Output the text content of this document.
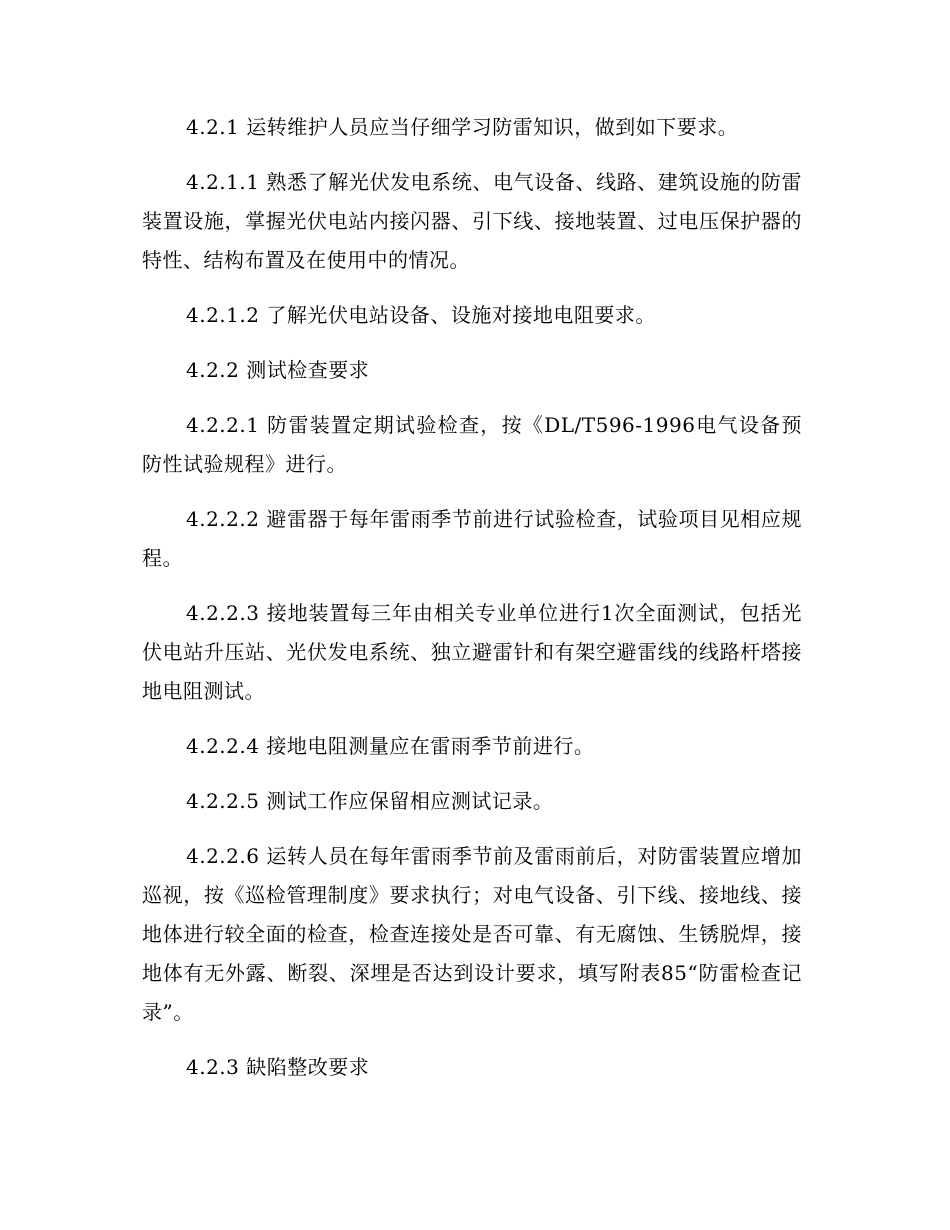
4.2.1 运转维护人员应当仔细学习防雷知识，做到如下要求。

4.2.1.1 熟悉了解光伏发电系统、电气设备、线路、建筑设施的防雷装置设施，掌握光伏电站内接闪器、引下线、接地装置、过电压保护器的特性、结构布置及在使用中的情况。

4.2.1.2 了解光伏电站设备、设施对接地电阻要求。

4.2.2 测试检查要求

4.2.2.1 防雷装置定期试验检查，按《DL/T596-1996电气设备预防性试验规程》进行。

4.2.2.2 避雷器于每年雷雨季节前进行试验检查，试验项目见相应规程。

4.2.2.3 接地装置每三年由相关专业单位进行1次全面测试，包括光伏电站升压站、光伏发电系统、独立避雷针和有架空避雷线的线路杆塔接地电阻测试。

4.2.2.4 接地电阻测量应在雷雨季节前进行。

4.2.2.5 测试工作应保留相应测试记录。

4.2.2.6 运转人员在每年雷雨季节前及雷雨前后，对防雷装置应增加巡视，按《巡检管理制度》要求执行；对电气设备、引下线、接地线、接地体进行较全面的检查，检查连接处是否可靠、有无腐蚀、生锈脱焊，接地体有无外露、断裂、深埋是否达到设计要求，填写附表85“防雷检查记录”。

4.2.3 缺陷整改要求
